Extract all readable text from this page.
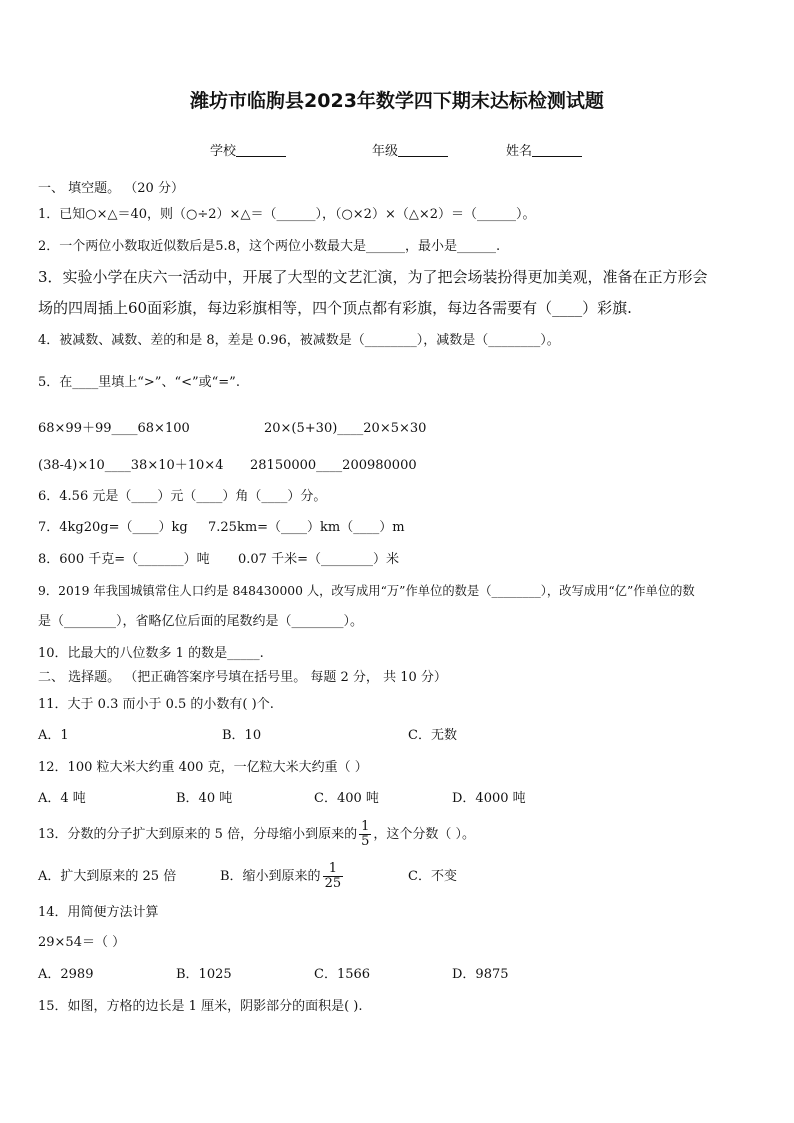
潍坊市临朐县2023年数学四下期末达标检测试题
学校	年级	姓名
一、 填空题。 （20 分）
1．已知○×△＝40，则（○÷2）×△＝（______），（○×2）×（△×2）＝（______）。
2．一个两位小数取近似数后是5.8，这个两位小数最大是______，最小是______.
3．实验小学在庆六一活动中，开展了大型的文艺汇演，为了把会场装扮得更加美观，准备在正方形会
场的四周插上60面彩旗，每边彩旗相等，四个顶点都有彩旗，每边各需要有（____）彩旗.
4．被减数、减数、差的和是 8，差是 0.96，被减数是（________），减数是（________）。
5．在____里填上“>”、“<”或“=”.
68×99＋99____68×100	20×(5+30)____20×5×30
(38-4)×10____38×10＋10×4 28150000____200980000
6．4.56 元是（____）元（____）角（____）分。
7．4kg20g=（____）kg 7.25km=（____）km（____）m
8．600 千克=（_______）吨 0.07 千米=（________）米
9．2019 年我国城镇常住人口约是 848430000 人，改写成用“万”作单位的数是（________），改写成用“亿”作单位的数
是（________），省略亿位后面的尾数约是（________）。
10．比最大的八位数多 1 的数是_____.
二、 选择题。 （把正确答案序号填在括号里。 每题 2 分， 共 10 分）
11．大于 0.3 而小于 0.5 的小数有( )个.
A．1	B．10	C．无数
12．100 粒大米大约重 400 克，一亿粒大米大约重（ ）
A．4 吨	B．40 吨	C．400 吨	D．4000 吨
13．分数的分子扩大到原来的 5 倍，分母缩小到原来的 $\frac{1}{5}$ ，这个分数（ ）。
A．扩大到原来的 25 倍	B．缩小到原来的 $\frac{1}{25}$	C．不变
14．用简便方法计算
29×54＝（ ）
A．2989	B．1025	C．1566	D．9875
15．如图，方格的边长是 1 厘米，阴影部分的面积是( ).
